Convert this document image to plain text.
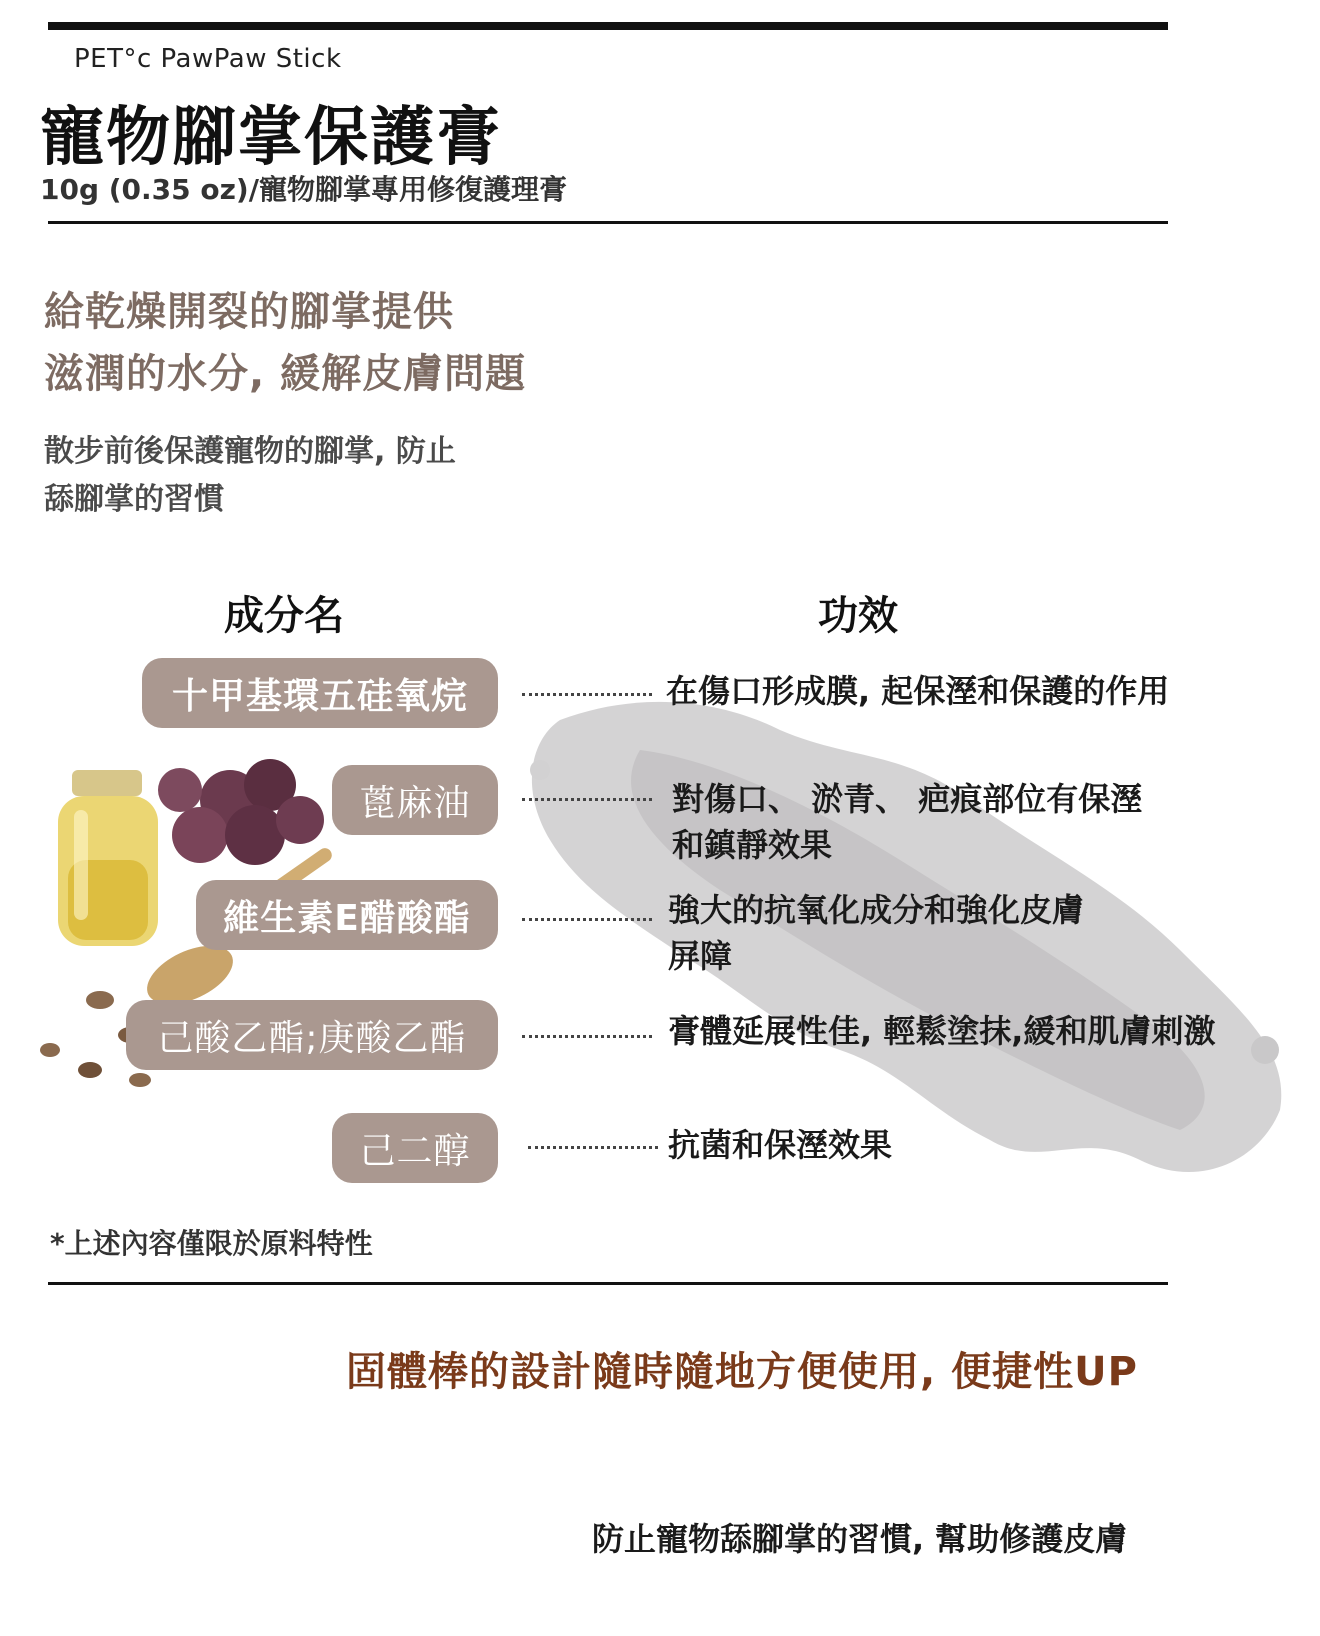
PET°c PawPaw Stick
寵物腳掌保護膏
10g (0.35 oz)/寵物腳掌專用修復護理膏
給乾燥開裂的腳掌提供
滋潤的水分, 緩解皮膚問題
散步前後保護寵物的腳掌, 防止
舔腳掌的習慣
成分名	功效
十甲基環五硅氧烷
蓖麻油
維生素E醋酸酯
己酸乙酯;庚酸乙酯
己二醇
在傷口形成膜, 起保溼和保護的作用
對傷口、 淤青、 疤痕部位有保溼
和鎮靜效果
強大的抗氧化成分和強化皮膚
屏障
膏體延展性佳, 輕鬆塗抹,緩和肌膚刺激
抗菌和保溼效果
*上述內容僅限於原料特性
固體棒的設計隨時隨地方便使用, 便捷性UP
防止寵物舔腳掌的習慣, 幫助修護皮膚
